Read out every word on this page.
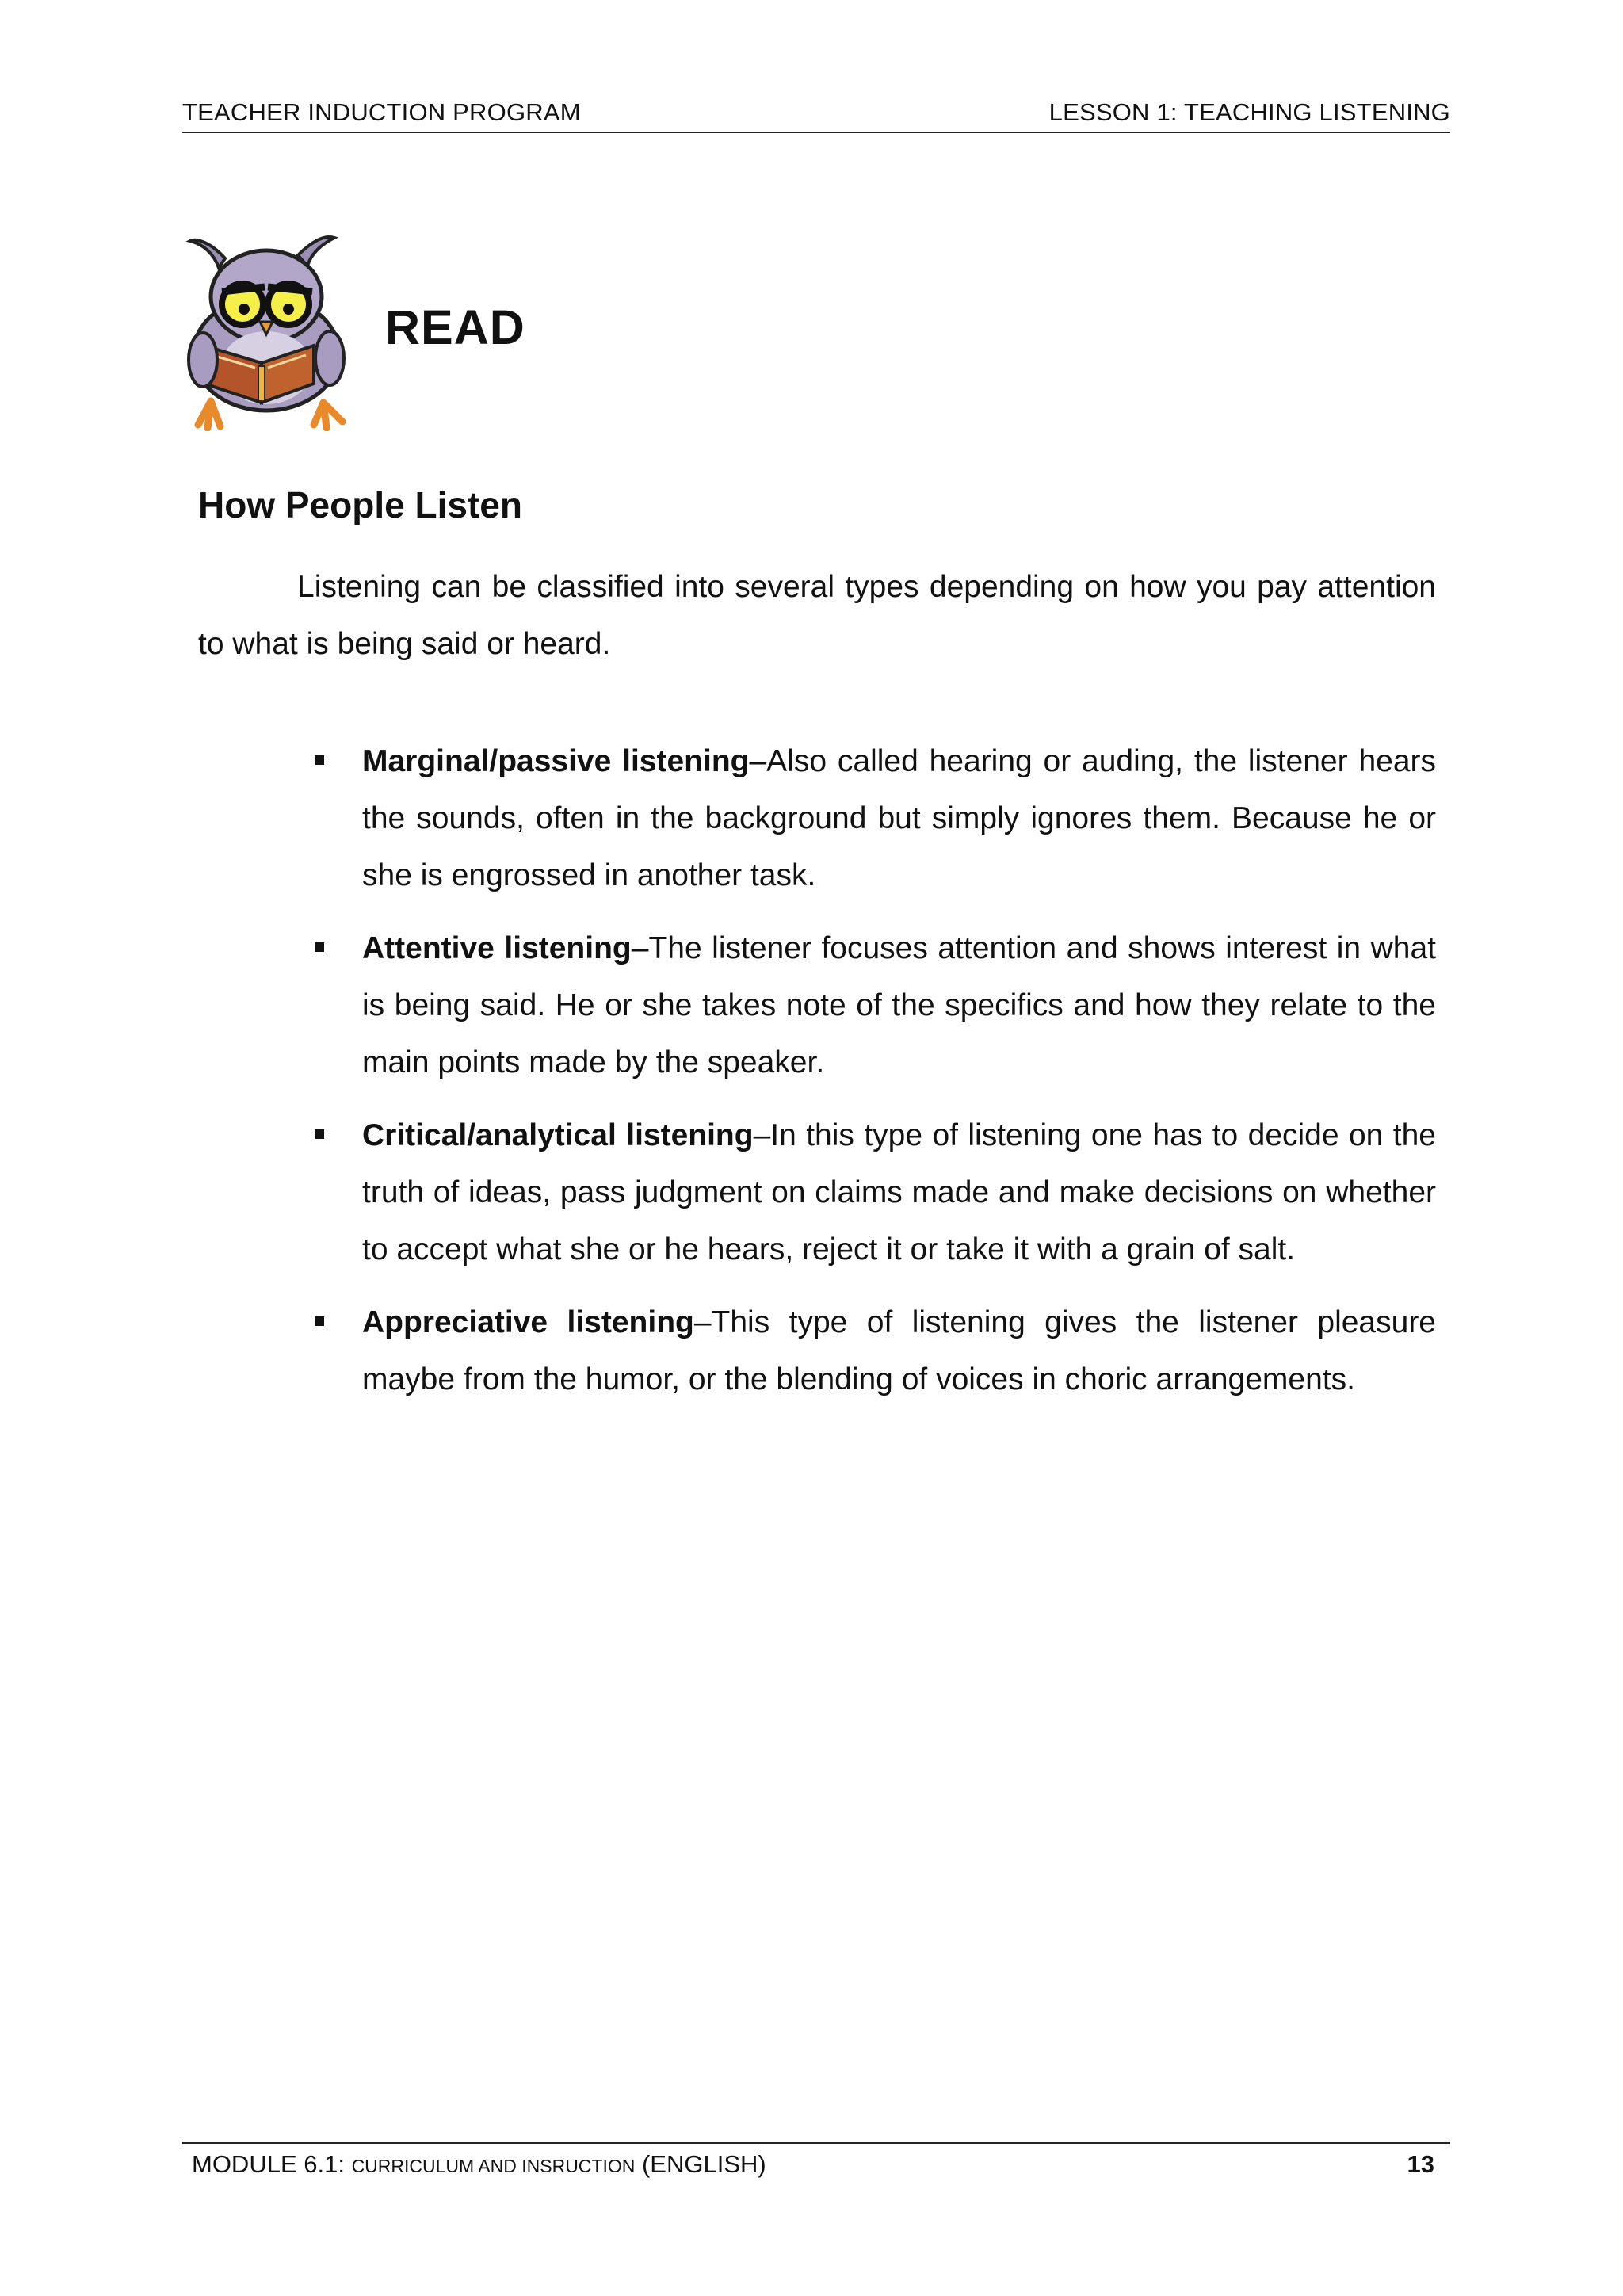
TEACHER INDUCTION PROGRAM	LESSON 1: TEACHING LISTENING
READ
How People Listen

Listening can be classified into several types depending on how you pay attention to what is being said or heard.

Marginal/passive listening–Also called hearing or auding, the listener hears the sounds, often in the background but simply ignores them. Because he or she is engrossed in another task.
Attentive listening–The listener focuses attention and shows interest in what is being said. He or she takes note of the specifics and how they relate to the main points made by the speaker.
Critical/analytical listening–In this type of listening one has to decide on the truth of ideas, pass judgment on claims made and make decisions on whether to accept what she or he hears, reject it or take it with a grain of salt.
Appreciative listening–This type of listening gives the listener pleasure maybe from the humor, or the blending of voices in choric arrangements.
MODULE 6.1: CURRICULUM AND INSRUCTION (ENGLISH)	13
